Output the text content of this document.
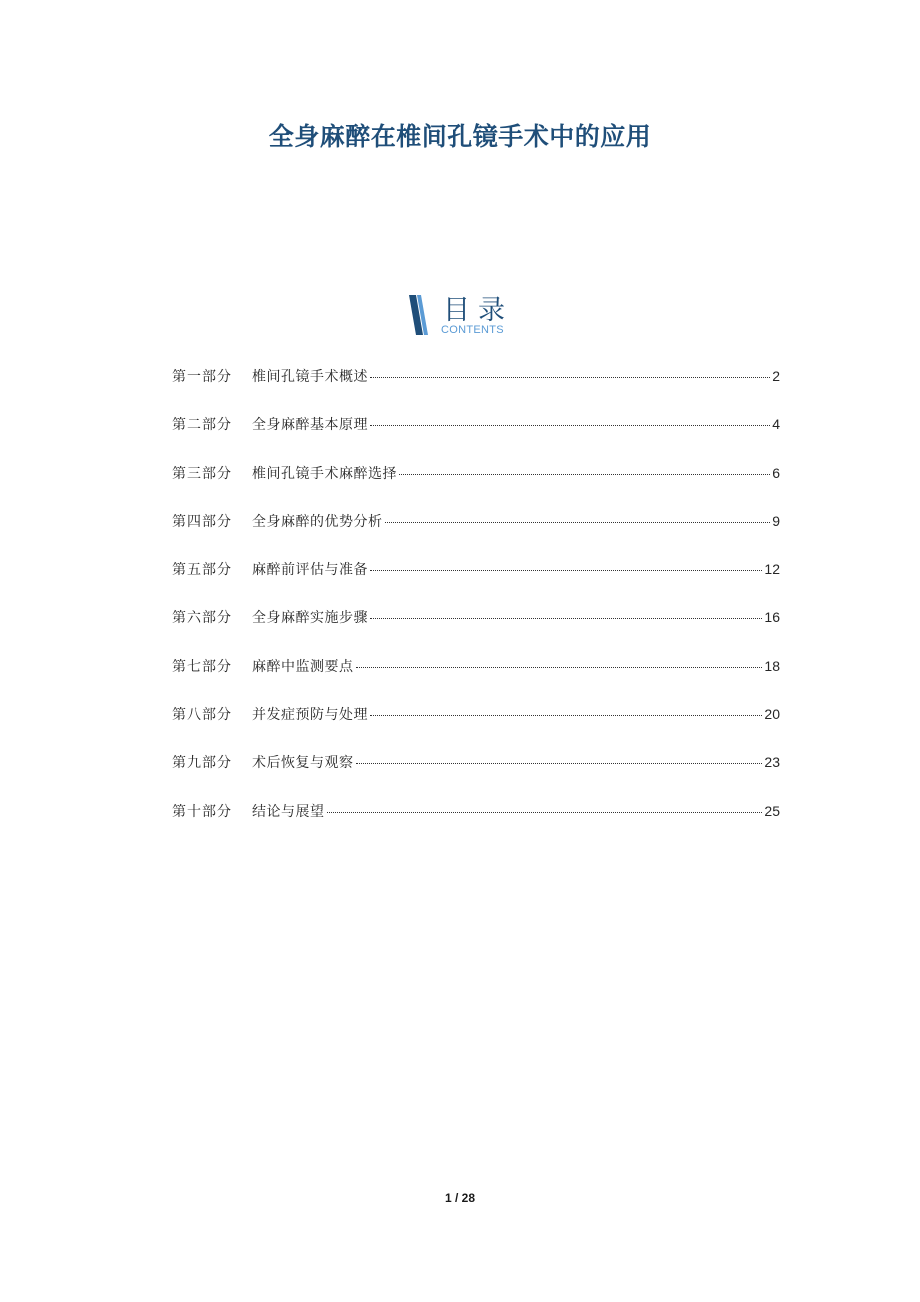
全身麻醉在椎间孔镜手术中的应用
目录
CONTENTS
第一部分	椎间孔镜手术概述	2
第二部分	全身麻醉基本原理	4
第三部分	椎间孔镜手术麻醉选择	6
第四部分	全身麻醉的优势分析	9
第五部分	麻醉前评估与准备	12
第六部分	全身麻醉实施步骤	16
第七部分	麻醉中监测要点	18
第八部分	并发症预防与处理	20
第九部分	术后恢复与观察	23
第十部分	结论与展望	25
1 / 28
